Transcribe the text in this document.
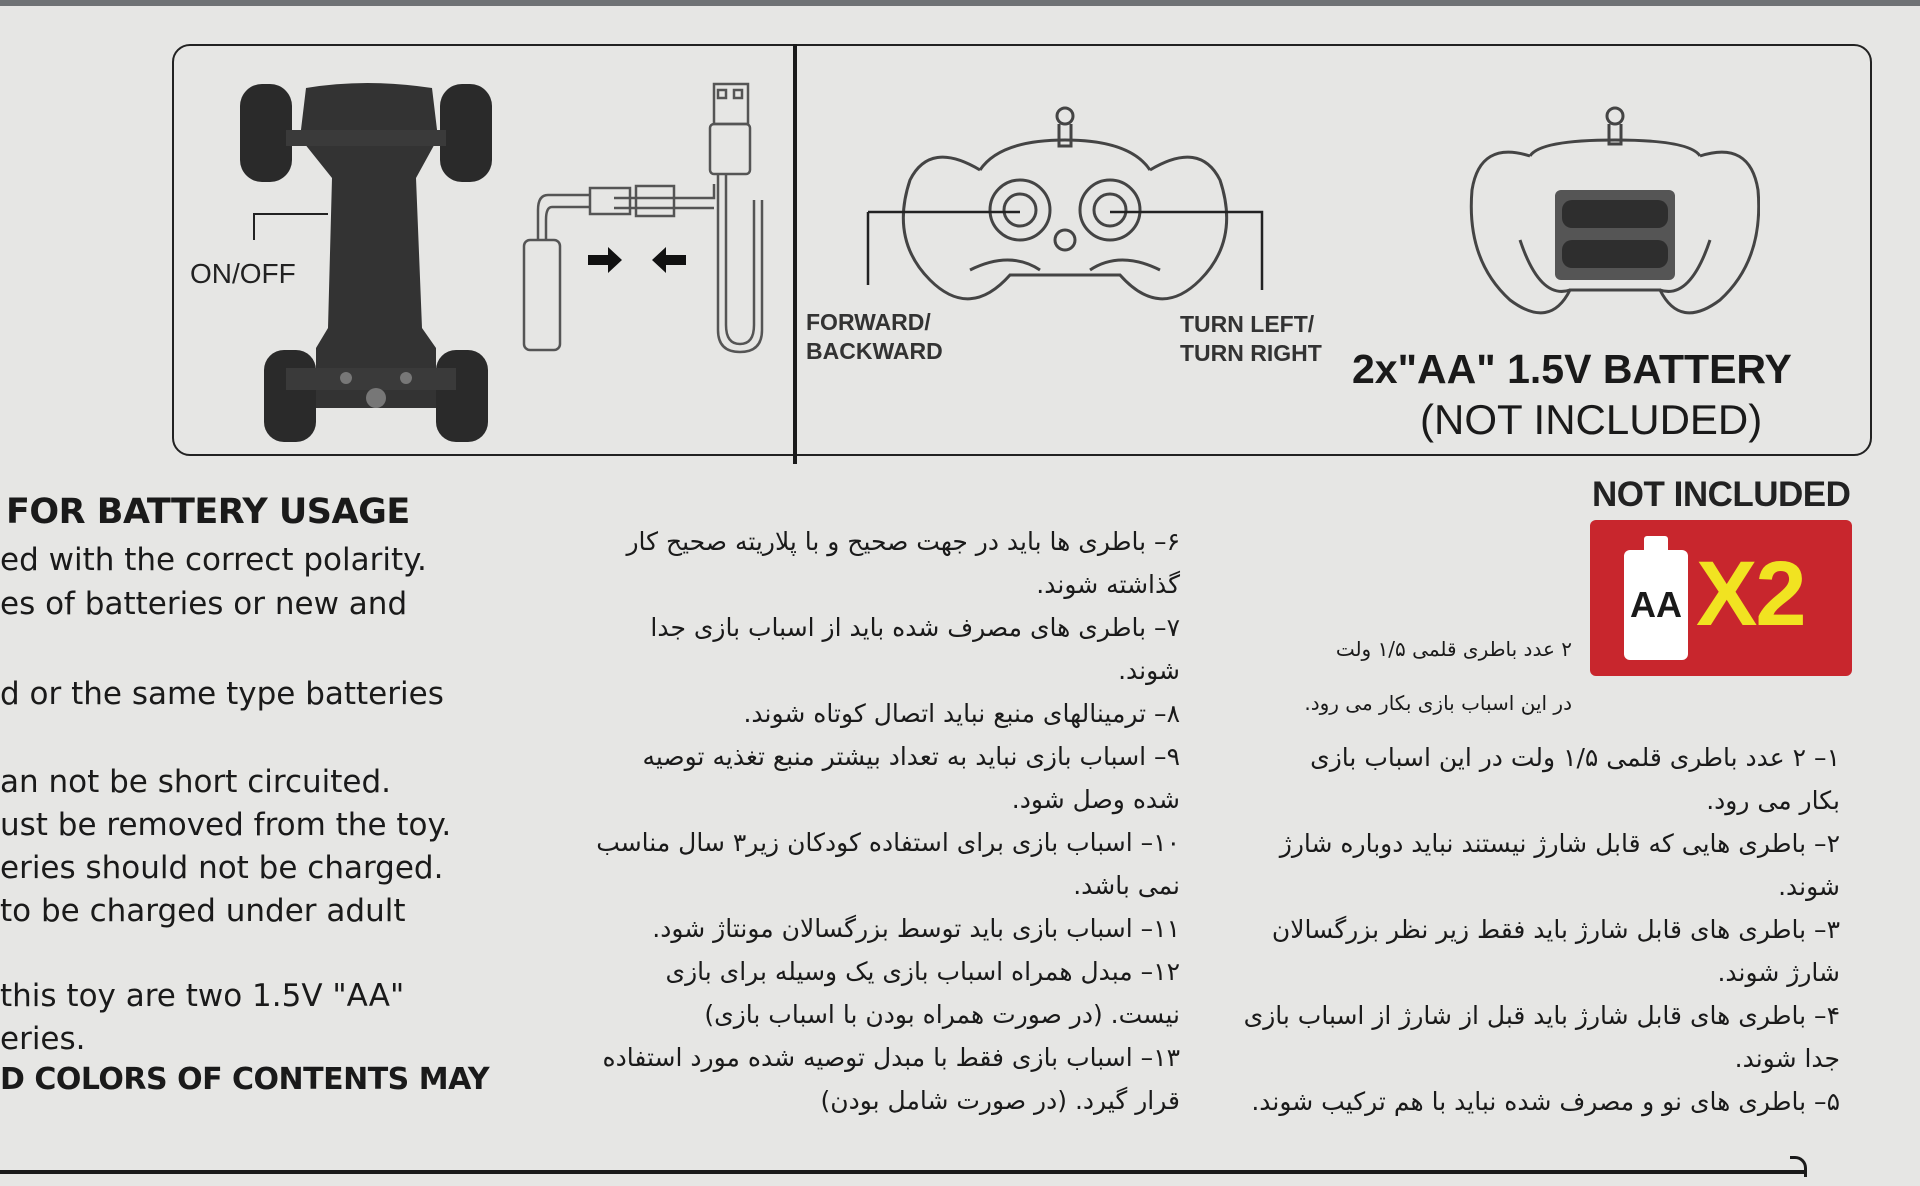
ON/OFF
FORWARD/
BACKWARD
TURN LEFT/
TURN RIGHT 2x"AA" 1.5V BATTERY
(NOT INCLUDED)
NOT INCLUDED
AA X2
FOR BATTERY USAGE
ed with the correct polarity.
es of batteries or new and
d or the same type batteries
an not be short circuited.
ust be removed from the toy.
eries should not be charged.
to be charged under adult
this toy are two 1.5V "AA"
eries.
D COLORS OF CONTENTS MAY

۲ عدد باطری قلمی ۱/۵ ولت

در این اسباب بازی بکار می رود.

۱– ۲ عدد باطری قلمی ۱/۵ ولت در این اسباب بازی

بکار می رود.

۲– باطری هایی که قابل شارژ نیستند نباید دوباره شارژ

شوند.

۳– باطری های قابل شارژ باید فقط زیر نظر بزرگسالان

شارژ شوند.

۴– باطری های قابل شارژ باید قبل از شارژ از اسباب بازی

جدا شوند.

۵– باطری های نو و مصرف شده نباید با هم ترکیب شوند.

۶– باطری ها باید در جهت صحیح و با پلاریته صحیح کار

گذاشته شوند.

۷– باطری های مصرف شده باید از اسباب بازی جدا

شوند.

۸– ترمینالهای منبع نباید اتصال کوتاه شوند.

۹– اسباب بازی نباید به تعداد بیشتر منبع تغذیه توصیه

شده وصل شود.

۱۰– اسباب بازی برای استفاده کودکان زیر۳ سال مناسب

نمی باشد.

۱۱– اسباب بازی باید توسط بزرگسالان مونتاژ شود.

۱۲– مبدل همراه اسباب بازی یک وسیله برای بازی

نیست. (در صورت همراه بودن با اسباب بازی)

۱۳– اسباب بازی فقط با مبدل توصیه شده مورد استفاده

قرار گیرد. (در صورت شامل بودن)
